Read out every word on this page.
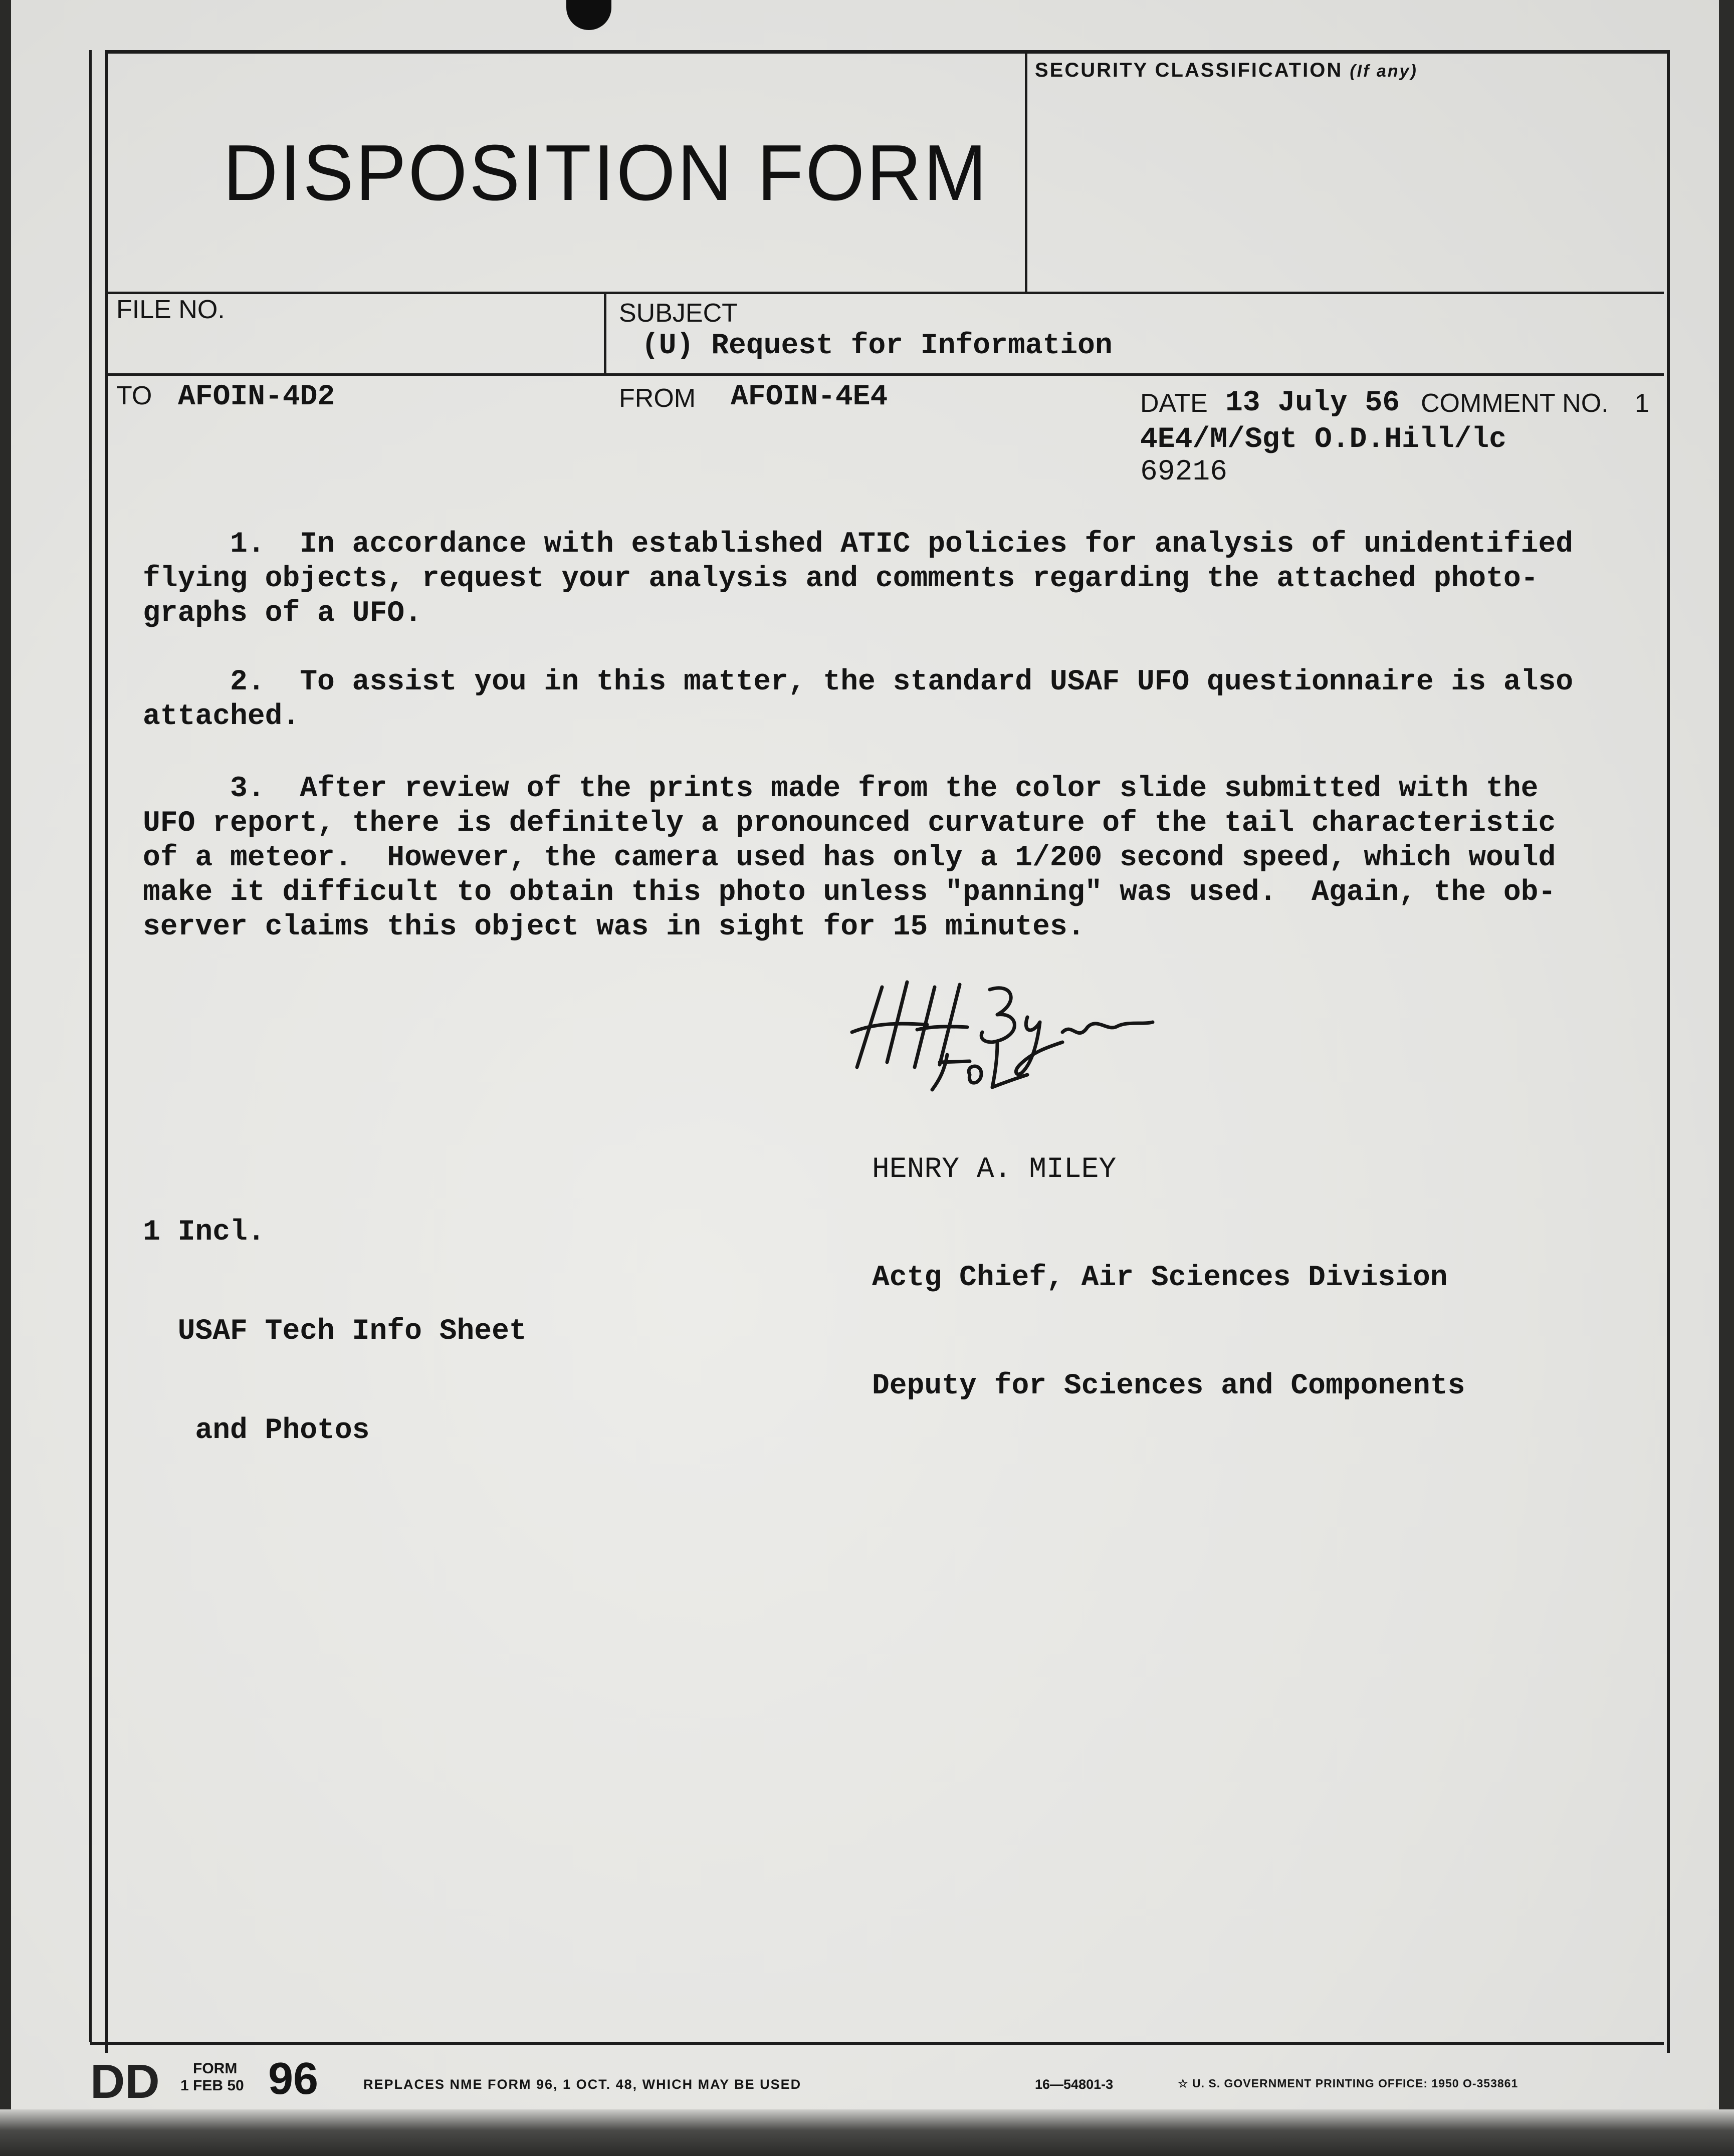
DISPOSITION FORM
SECURITY CLASSIFICATION (If any)
FILE NO.	SUBJECT
(U) Request for Information
TO AFOIN-4D2	FROM AFOIN-4E4	DATE 13 July 56 COMMENT NO. 1
4E4/M/Sgt O.D.Hill/lc
69216
1.  In accordance with established ATIC policies for analysis of unidentified
flying objects, request your analysis and comments regarding the attached photo-
graphs of a UFO.
2.  To assist you in this matter, the standard USAF UFO questionnaire is also
attached.
3.  After review of the prints made from the color slide submitted with the
UFO report, there is definitely a pronounced curvature of the tail characteristic
of a meteor.  However, the camera used has only a 1/200 second speed, which would
make it difficult to obtain this photo unless "panning" was used.  Again, the ob-
server claims this object was in sight for 15 minutes.

HENRY A. MILEY

Actg Chief, Air Sciences Division

Deputy for Sciences and Components

1 Incl.

USAF Tech Info Sheet

and Photos

DD FORM
1 FEB 50 96	REPLACES NME FORM 96, 1 OCT. 48, WHICH MAY BE USED	16—54801-3	☆ U. S. GOVERNMENT PRINTING OFFICE: 1950 O-353861
